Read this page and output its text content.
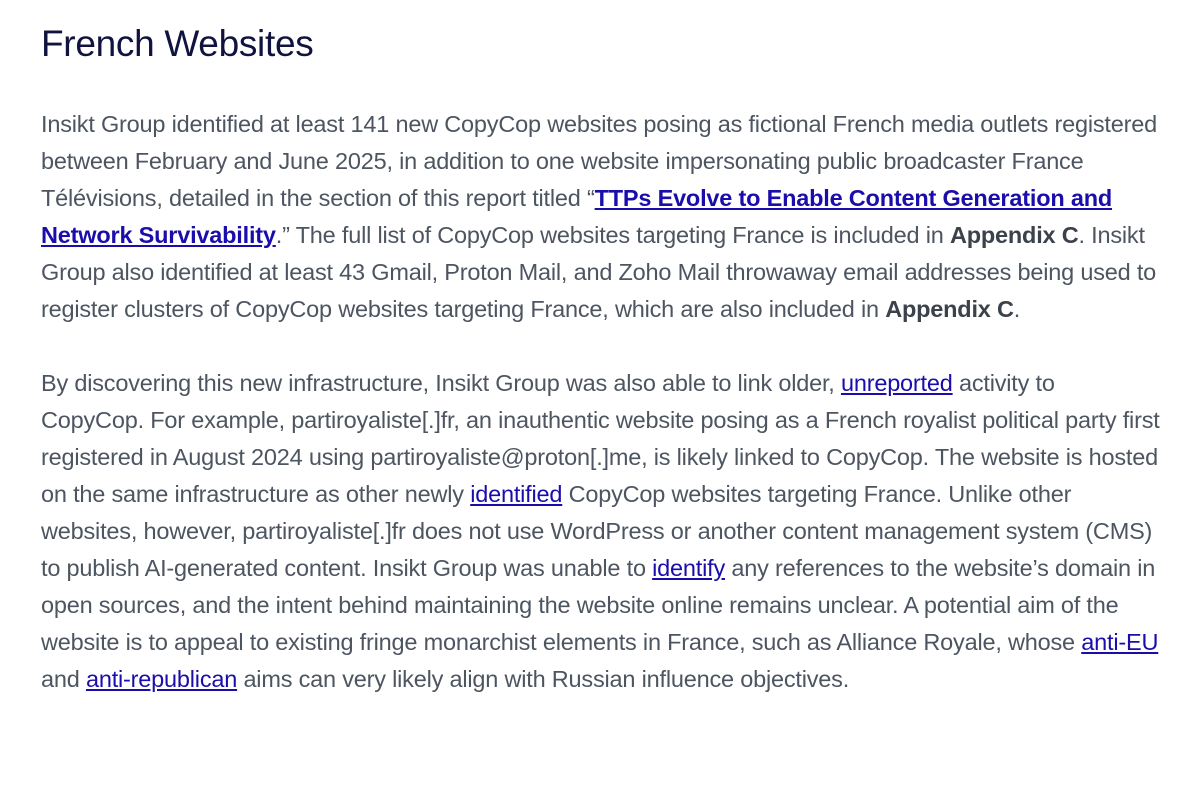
French Websites

Insikt Group identified at least 141 new CopyCop websites posing as fictional French media outlets registered between February and June 2025, in addition to one website impersonating public broadcaster France Télévisions, detailed in the section of this report titled “TTPs Evolve to Enable Content Generation and Network Survivability.” The full list of CopyCop websites targeting France is included in Appendix C. Insikt Group also identified at least 43 Gmail, Proton Mail, and Zoho Mail throwaway email addresses being used to register clusters of CopyCop websites targeting France, which are also included in Appendix C.

By discovering this new infrastructure, Insikt Group was also able to link older, unreported activity to CopyCop. For example, partiroyaliste[.]fr, an inauthentic website posing as a French royalist political party first registered in August 2024 using partiroyaliste@proton[.]me, is likely linked to CopyCop. The website is hosted on the same infrastructure as other newly identified CopyCop websites targeting France. Unlike other websites, however, partiroyaliste[.]fr does not use WordPress or another content management system (CMS) to publish AI-generated content. Insikt Group was unable to identify any references to the website’s domain in open sources, and the intent behind maintaining the website online remains unclear. A potential aim of the website is to appeal to existing fringe monarchist elements in France, such as Alliance Royale, whose anti-EU and anti-republican aims can very likely align with Russian influence objectives.
